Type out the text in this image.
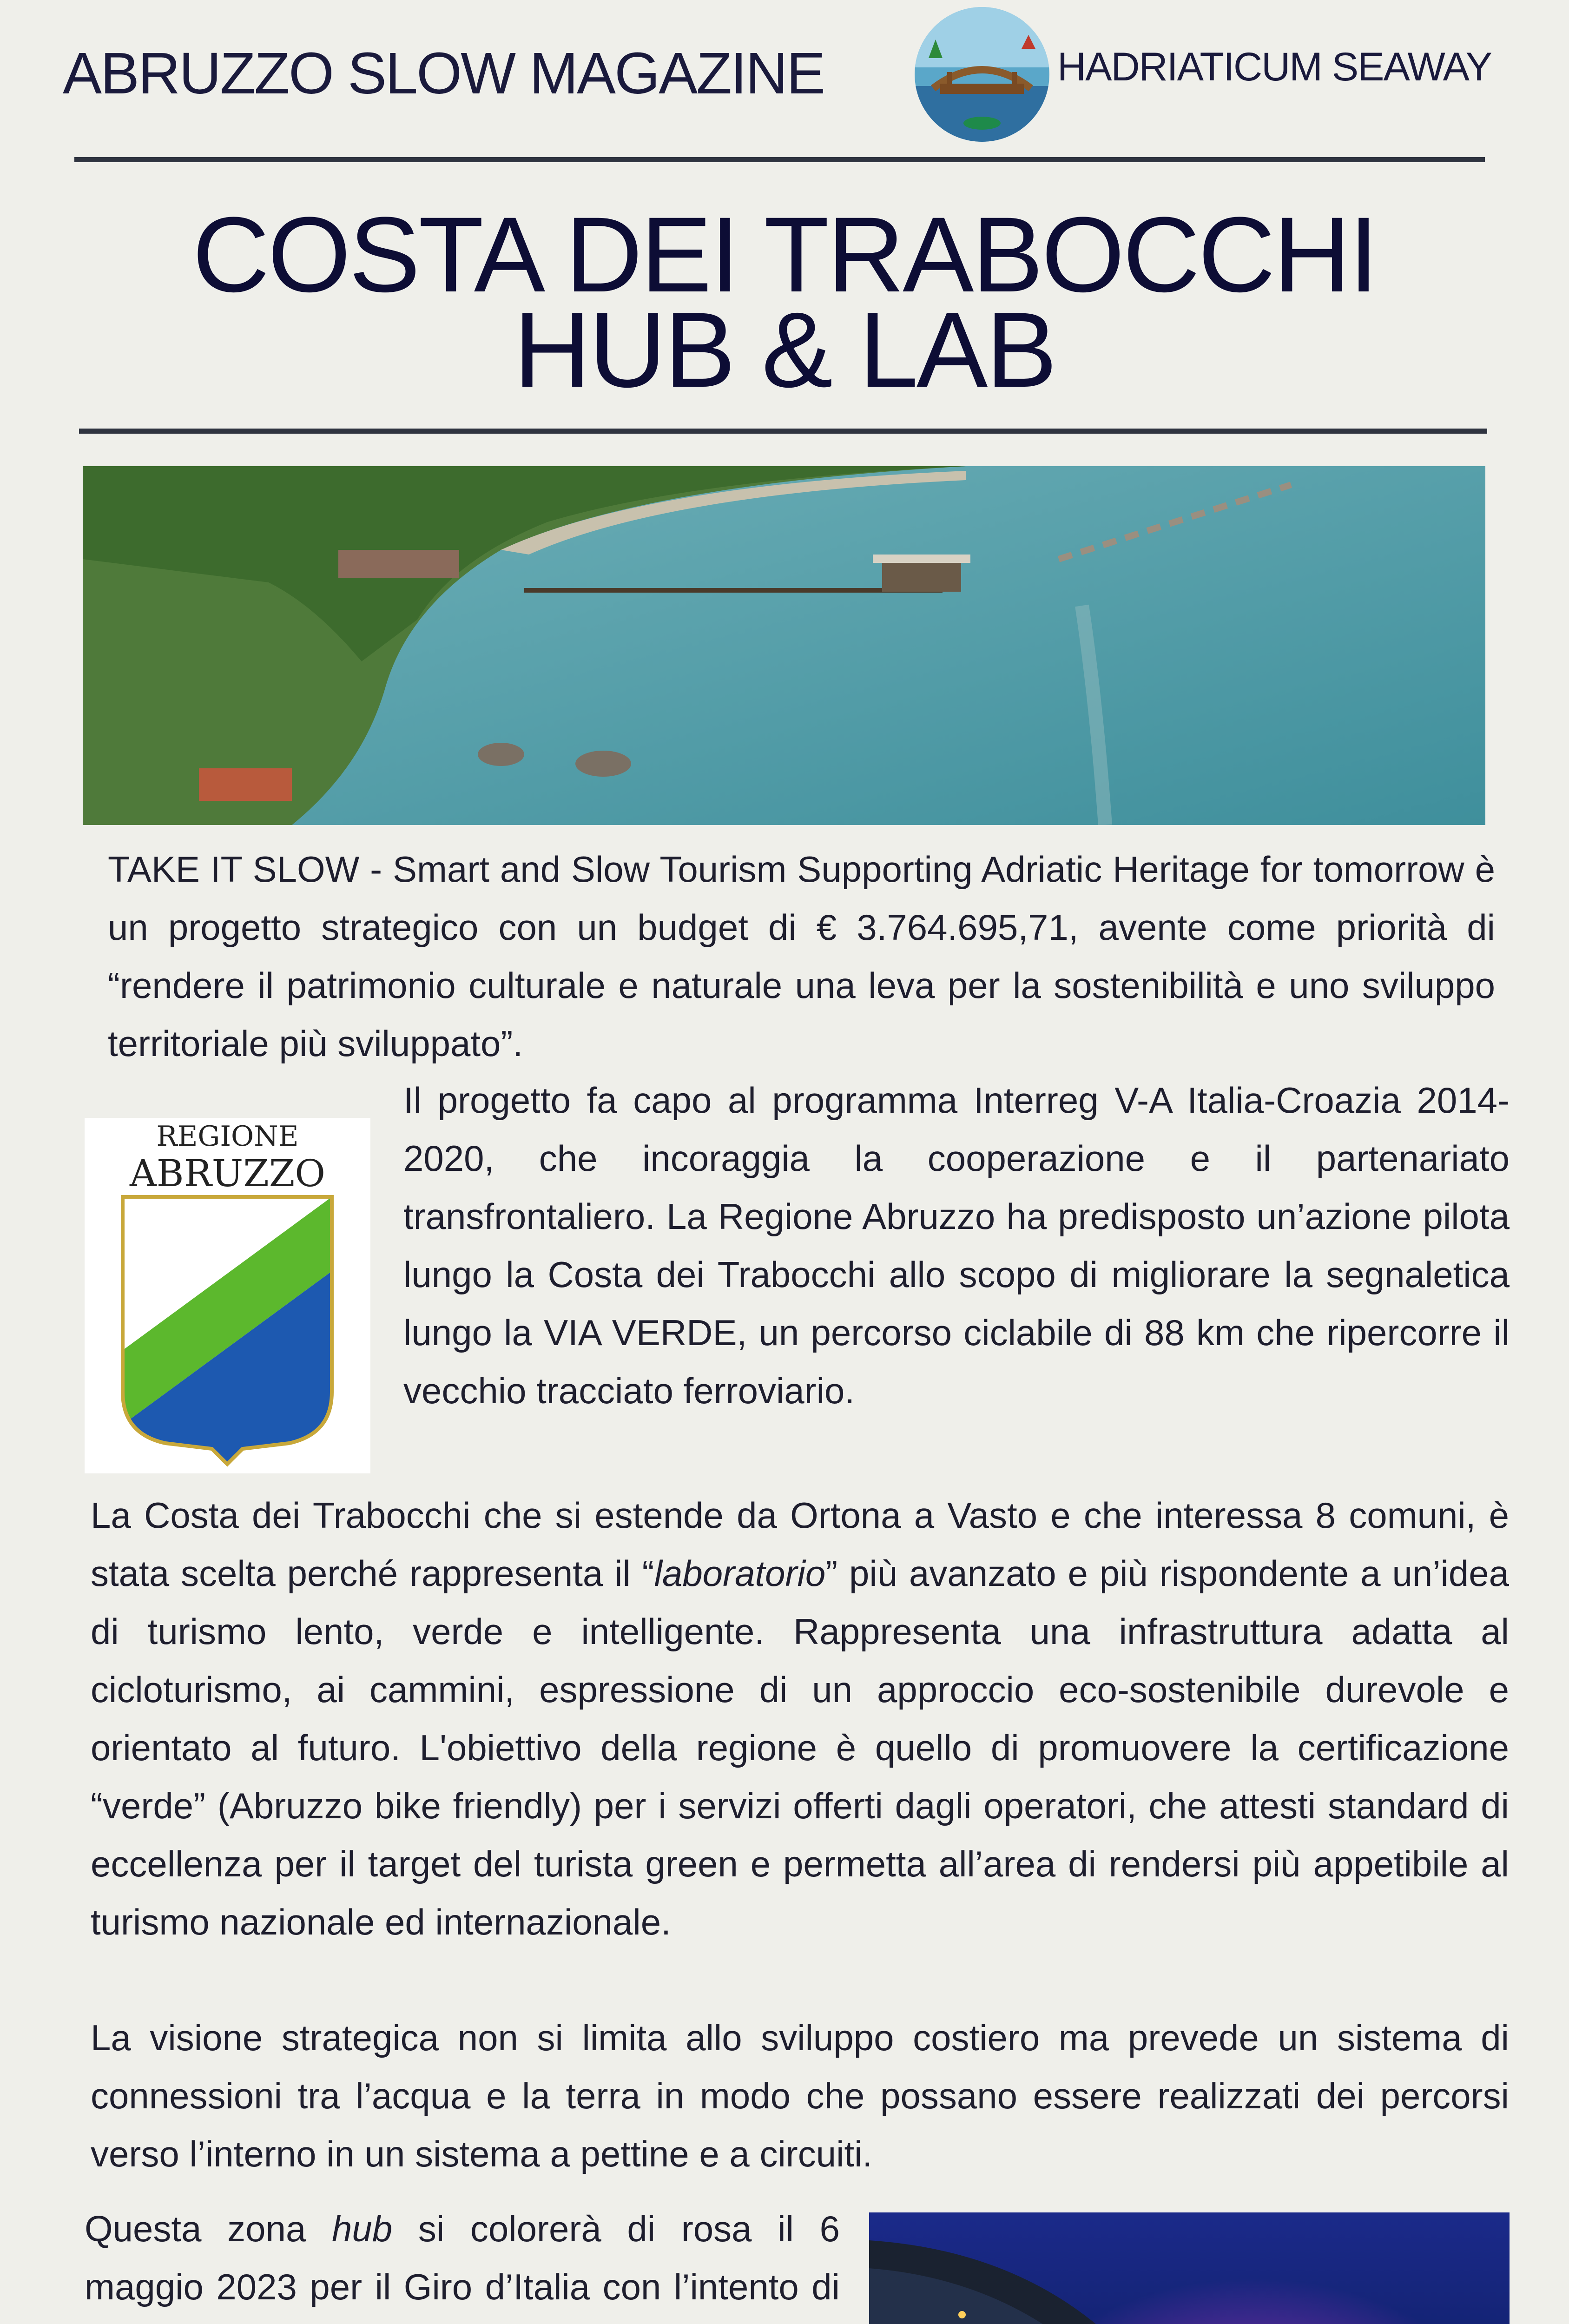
ABRUZZO SLOW MAGAZINE	HADRIATICUM SEAWAY
COSTA DEI TRABOCCHI
HUB & LAB
TAKE IT SLOW - Smart and Slow Tourism Supporting Adriatic Heritage for tomorrow è un progetto strategico con un budget di € 3.764.695,71, avente come priorità di “rendere il patrimonio culturale e naturale una leva per la sostenibilità e uno sviluppo territoriale più sviluppato”.
REGIONE
ABRUZZO
Il progetto fa capo al programma Interreg V-A Italia-Croazia 2014-2020, che incoraggia la cooperazione e il partenariato transfrontaliero. La Regione Abruzzo ha predisposto un’azione pilota lungo la Costa dei Trabocchi allo scopo di migliorare la segnaletica lungo la VIA VERDE, un percorso ciclabile di 88 km che ripercorre il vecchio tracciato ferroviario.
La Costa dei Trabocchi che si estende da Ortona a Vasto e che interessa 8 comuni, è stata scelta perché rappresenta il “laboratorio” più avanzato e più rispondente a un’idea di turismo lento, verde e intelligente. Rappresenta una infrastruttura adatta al cicloturismo, ai cammini, espressione di un approccio eco-sostenibile durevole e orientato al futuro. L'obiettivo della regione è quello di promuovere la certificazione “verde” (Abruzzo bike friendly) per i servizi offerti dagli operatori, che attesti standard di eccellenza per il target del turista green e permetta all’area di rendersi più appetibile al turismo nazionale ed internazionale.
La visione strategica non si limita allo sviluppo costiero ma prevede un sistema di connessioni tra l’acqua e la terra in modo che possano essere realizzati dei percorsi verso l’interno in un sistema a pettine e a circuiti.
Questa zona hub si colorerà di rosa il 6 maggio 2023 per il Giro d’Italia con l’intento di
